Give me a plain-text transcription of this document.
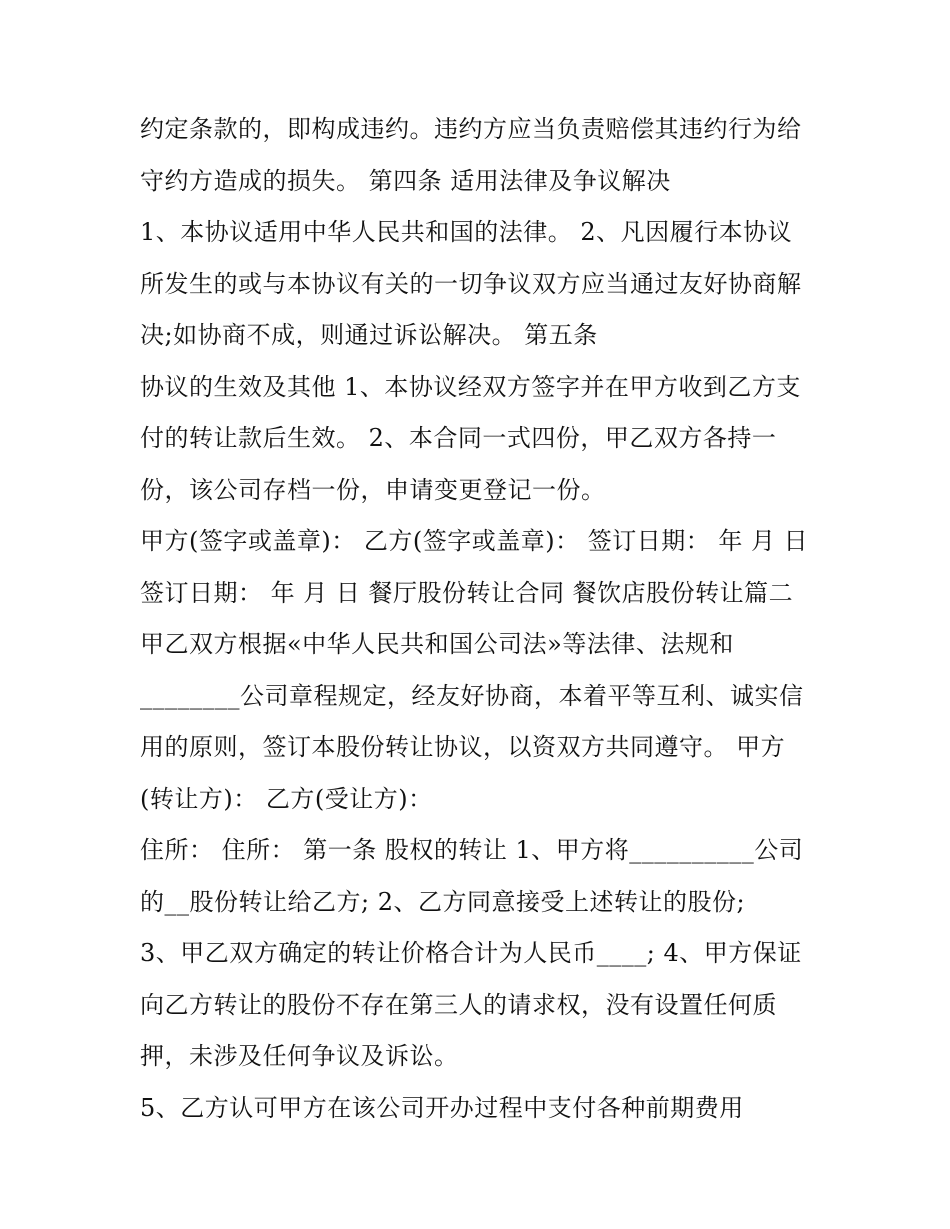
约定条款的，即构成违约。违约方应当负责赔偿其违约行为给
守约方造成的损失。 第四条 适用法律及争议解决
1、本协议适用中华人民共和国的法律。 2、凡因履行本协议
所发生的或与本协议有关的一切争议双方应当通过友好协商解
决;如协商不成，则通过诉讼解决。 第五条
协议的生效及其他 1、本协议经双方签字并在甲方收到乙方支
付的转让款后生效。 2、本合同一式四份，甲乙双方各持一
份，该公司存档一份，申请变更登记一份。
甲方(签字或盖章)： 乙方(签字或盖章)： 签订日期： 年 月 日
签订日期： 年 月 日 餐厅股份转让合同 餐饮店股份转让篇二
甲乙双方根据«中华人民共和国公司法»等法律、法规和
________公司章程规定，经友好协商，本着平等互利、诚实信
用的原则，签订本股份转让协议，以资双方共同遵守。 甲方
(转让方)： 乙方(受让方)：
住所： 住所： 第一条 股权的转让 1、甲方将__________公司
的__股份转让给乙方; 2、乙方同意接受上述转让的股份;
3、甲乙双方确定的转让价格合计为人民币____; 4、甲方保证
向乙方转让的股份不存在第三人的请求权，没有设置任何质
押，未涉及任何争议及诉讼。
5、乙方认可甲方在该公司开办过程中支付各种前期费用
